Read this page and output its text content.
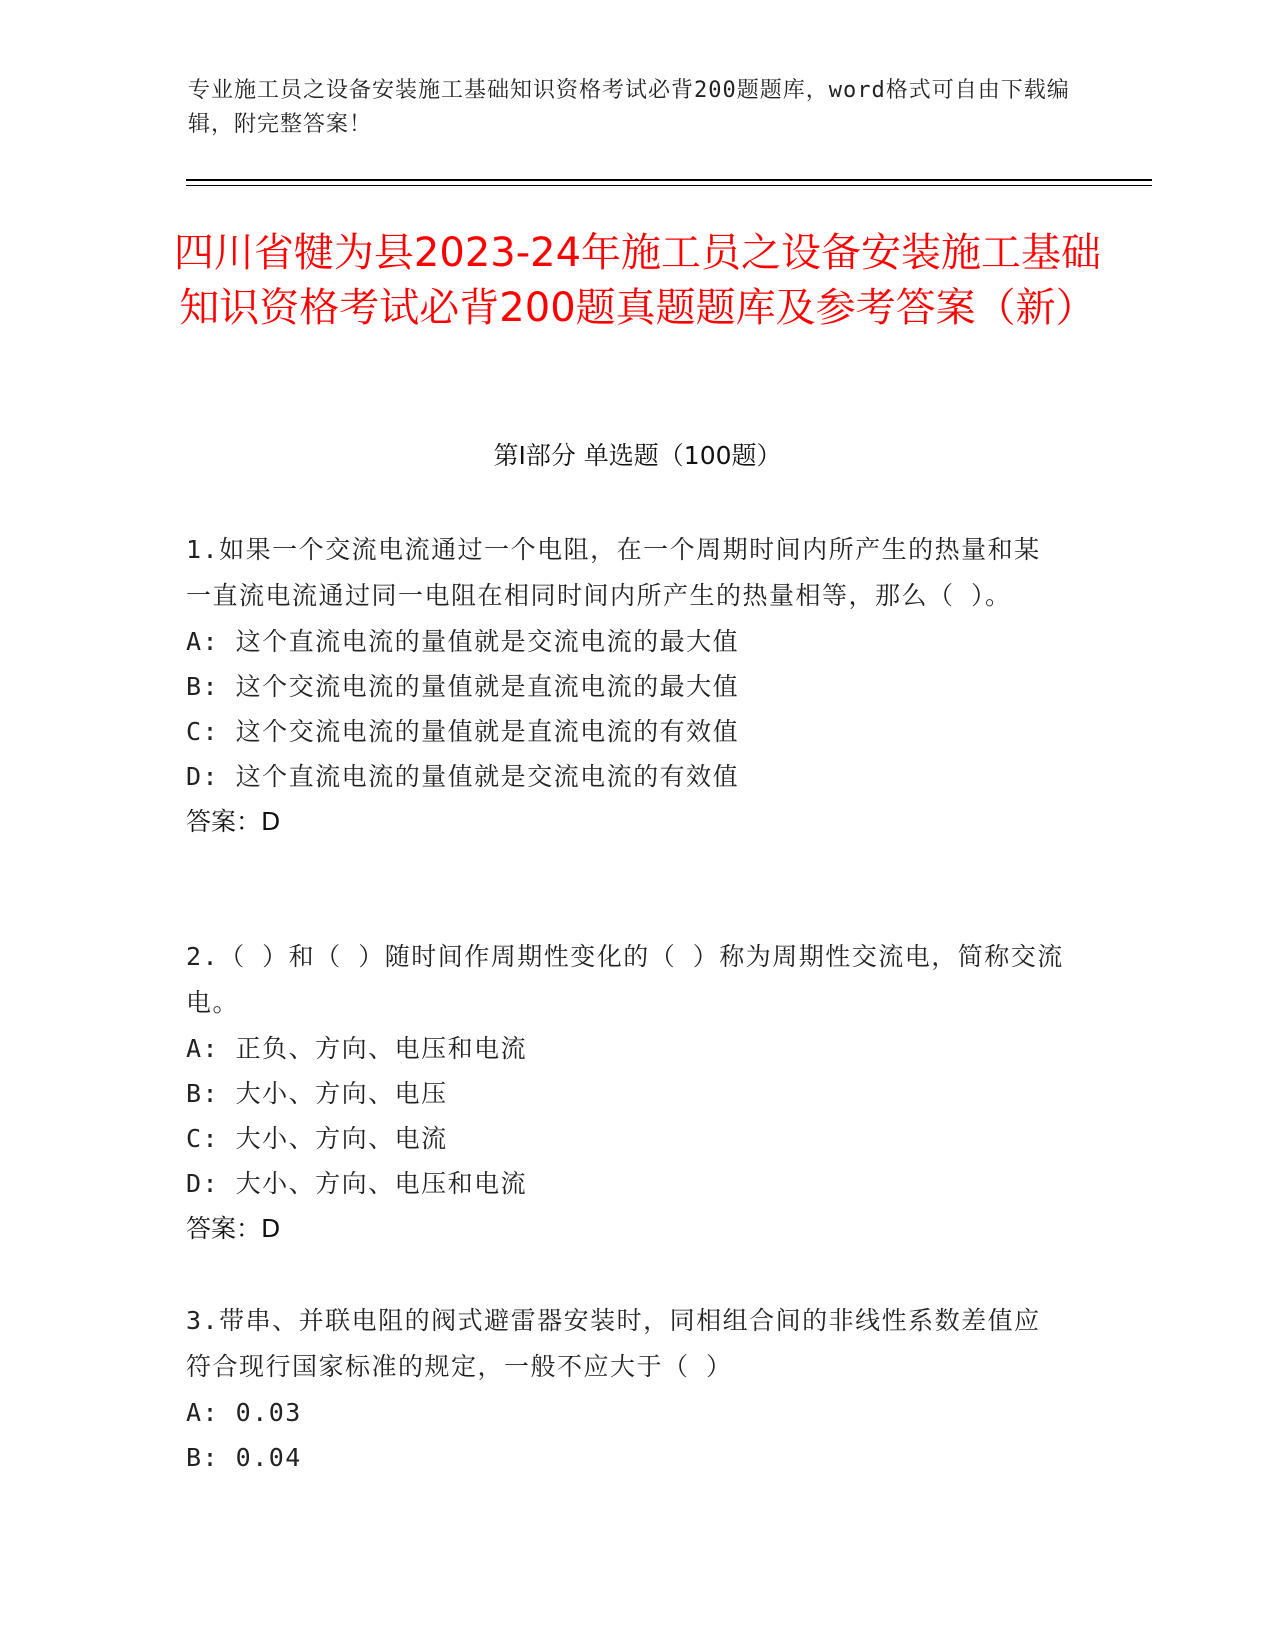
专业施工员之设备安装施工基础知识资格考试必背200题题库，word格式可自由下载编辑，附完整答案！
四川省犍为县2023-24年施工员之设备安装施工基础知识资格考试必背200题真题题库及参考答案（新）
第I部分 单选题（100题）

1.如果一个交流电流通过一个电阻，在一个周期时间内所产生的热量和某一直流电流通过同一电阻在相同时间内所产生的热量相等，那么（ ）。

A: 这个直流电流的量值就是交流电流的最大值

B: 这个交流电流的量值就是直流电流的最大值

C: 这个交流电流的量值就是直流电流的有效值

D: 这个直流电流的量值就是交流电流的有效值

答案：D

2.（ ）和（ ）随时间作周期性变化的（ ）称为周期性交流电，简称交流电。

A: 正负、方向、电压和电流

B: 大小、方向、电压

C: 大小、方向、电流

D: 大小、方向、电压和电流

答案：D

3.带串、并联电阻的阀式避雷器安装时，同相组合间的非线性系数差值应符合现行国家标准的规定，一般不应大于（ ）

A: 0.03

B: 0.04
